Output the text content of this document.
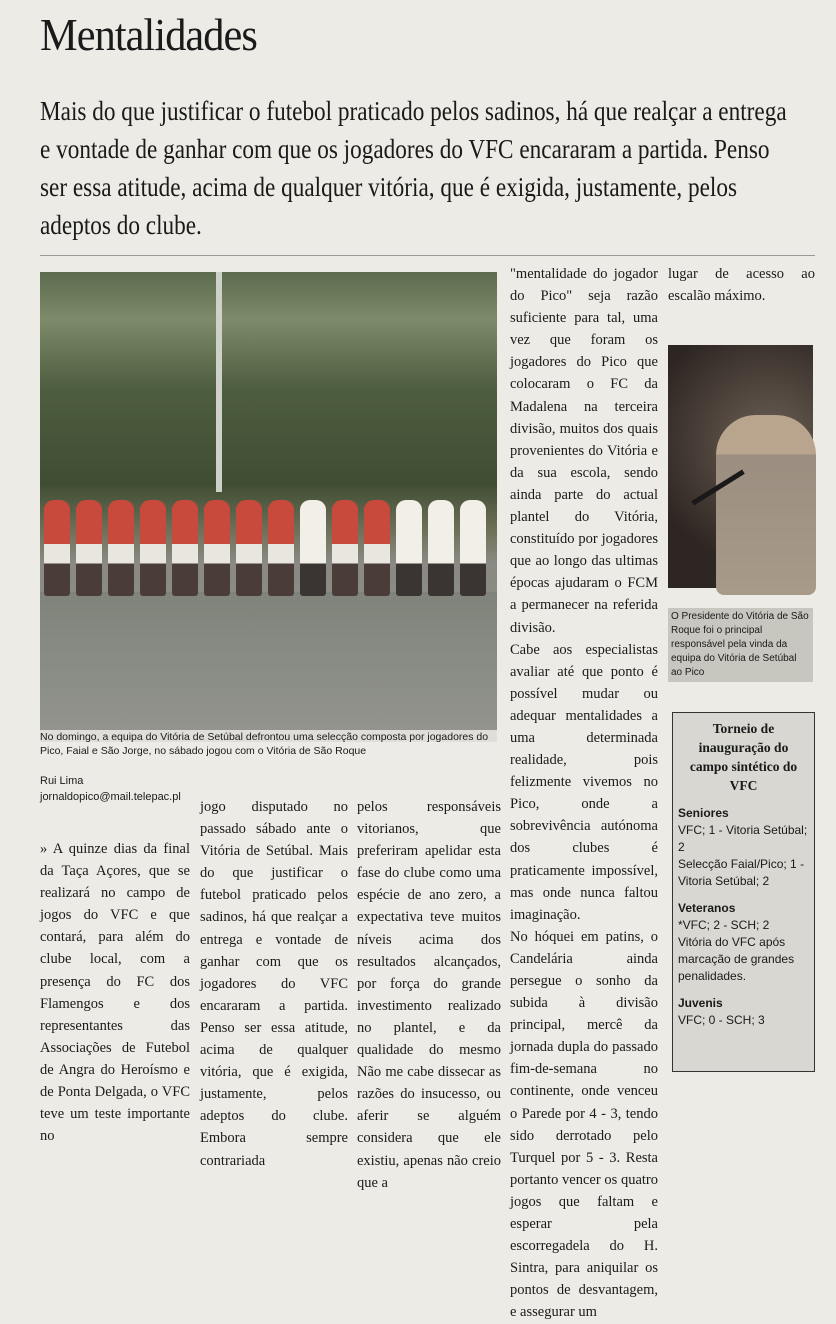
Mentalidades

Mais do que justificar o futebol praticado pelos sadinos, há que realçar a entrega e vontade de ganhar com que os jogadores do VFC encararam a partida. Penso ser essa atitude, acima de qualquer vitória, que é exigida, justamente, pelos adeptos do clube.

No domingo, a equipa do Vitória de Setúbal defrontou uma selecção composta por jogadores do Pico, Faial e São Jorge, no sábado jogou com o Vitória de São Roque
Rui Lima
jornaldopico@mail.telepac.pl

» A quinze dias da final da Taça Açores, que se realizará no campo de jogos do VFC e que contará, para além do clube local, com a presença do FC dos Flamengos e dos representantes das Associações de Futebol de Angra do Heroísmo e de Ponta Delgada, o VFC teve um teste importante no

jogo disputado no passado sábado ante o Vitória de Setúbal. Mais do que justificar o futebol praticado pelos sadinos, há que realçar a entrega e vontade de ganhar com que os jogadores do VFC encararam a partida. Penso ser essa atitude, acima de qualquer vitória, que é exigida, justamente, pelos adeptos do clube. Embora sempre contrariada

pelos responsáveis vitorianos, que preferiram apelidar esta fase do clube como uma espécie de ano zero, a expectativa teve muitos níveis acima dos resultados alcançados, por força do grande investimento realizado no plantel, e da qualidade do mesmo Não me cabe dissecar as razões do insucesso, ou aferir se alguém considera que ele existiu, apenas não creio que a

"mentalidade do jogador do Pico" seja razão suficiente para tal, uma vez que foram os jogadores do Pico que colocaram o FC da Madalena na terceira divisão, muitos dos quais provenientes do Vitória e da sua escola, sendo ainda parte do actual plantel do Vitória, constituído por jogadores que ao longo das ultimas épocas ajudaram o FCM a permanecer na referida divisão.

Cabe aos especialistas avaliar até que ponto é possível mudar ou adequar mentalidades a uma determinada realidade, pois felizmente vivemos no Pico, onde a sobrevivência autónoma dos clubes é praticamente impossível, mas onde nunca faltou imaginação.

No hóquei em patins, o Candelária ainda persegue o sonho da subida à divisão principal, mercê da jornada dupla do passado fim-de-semana no continente, onde venceu o Parede por 4 - 3, tendo sido derrotado pelo Turquel por 5 - 3. Resta portanto vencer os quatro jogos que faltam e esperar pela escorregadela do H. Sintra, para aniquilar os pontos de desvantagem, e assegurar um

lugar de acesso ao escalão máximo.

O Presidente do Vitória de São Roque foi o principal responsável pela vinda da equipa do Vitória de Setúbal ao Pico
Torneio de inauguração do campo sintético do VFC
Seniores

VFC; 1 - Vitoria Setúbal; 2

Selecção Faial/Pico; 1 - Vitoria Setúbal; 2

Veteranos

*VFC; 2 - SCH; 2

Vitória do VFC após marcação de grandes penalidades.

Juvenis

VFC; 0 - SCH; 3
